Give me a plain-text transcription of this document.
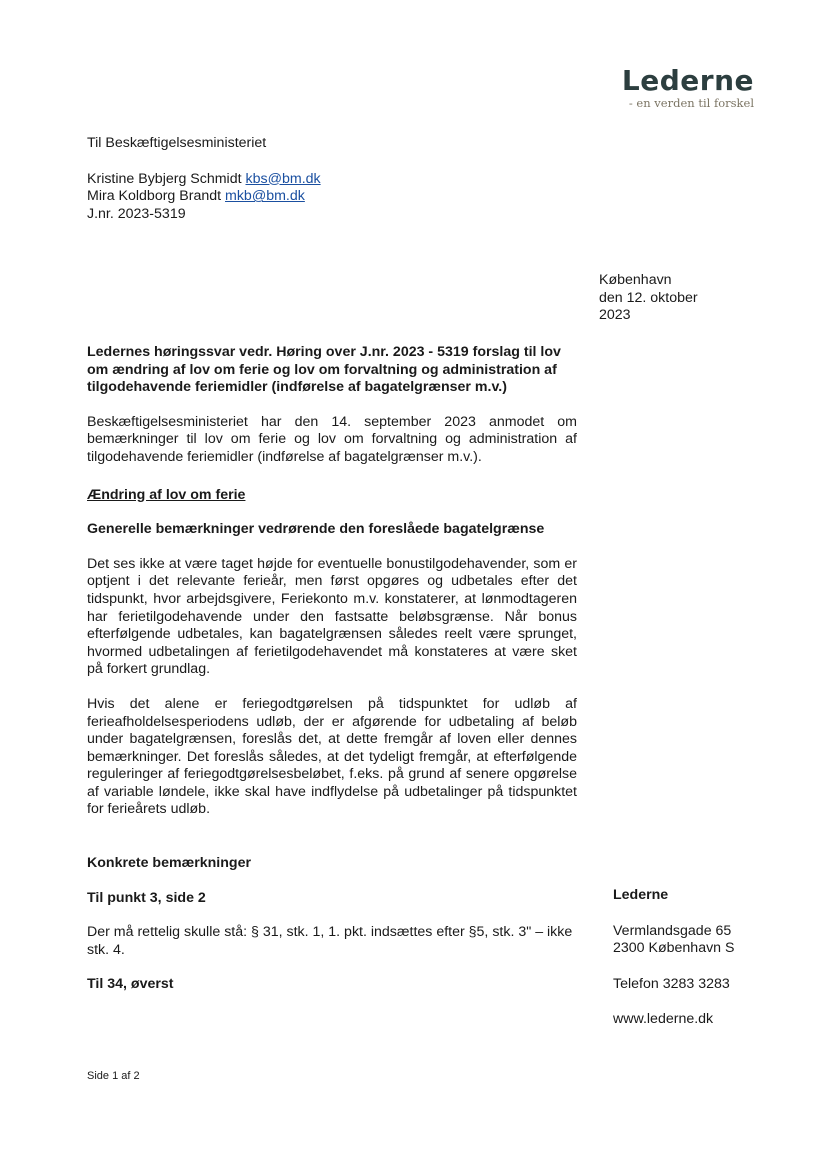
Lederne
- en verden til forskel

Til Beskæftigelsesministeriet

Kristine Bybjerg Schmidt kbs@bm.dk

Mira Koldborg Brandt mkb@bm.dk

J.nr. 2023-5319

København

den 12. oktober

2023

Ledernes høringssvar vedr. Høring over J.nr. 2023 - 5319 forslag til lov om ændring af lov om ferie og lov om forvaltning og administration af tilgodehavende feriemidler (indførelse af bagatelgrænser m.v.)

Beskæftigelsesministeriet har den 14. september 2023 anmodet om bemærkninger til lov om ferie og lov om forvaltning og administration af tilgodehavende feriemidler (indførelse af bagatelgrænser m.v.).

Ændring af lov om ferie

Generelle bemærkninger vedrørende den foreslåede bagatelgrænse

Det ses ikke at være taget højde for eventuelle bonustilgodehavender, som er optjent i det relevante ferieår, men først opgøres og udbetales efter det tidspunkt, hvor arbejdsgivere, Feriekonto m.v. konstaterer, at lønmodtageren har ferietilgodehavende under den fastsatte beløbsgrænse. Når bonus efterfølgende udbetales, kan bagatelgrænsen således reelt være sprunget, hvormed udbetalingen af ferietilgodehavendet må konstateres at være sket på forkert grundlag.

Hvis det alene er feriegodtgørelsen på tidspunktet for udløb af ferieafholdelsesperiodens udløb, der er afgørende for udbetaling af beløb under bagatelgrænsen, foreslås det, at dette fremgår af loven eller dennes bemærkninger. Det foreslås således, at det tydeligt fremgår, at efterfølgende reguleringer af feriegodtgørelsesbeløbet, f.eks. på grund af senere opgørelse af variable løndele, ikke skal have indflydelse på udbetalinger på tidspunktet for ferieårets udløb.

Konkrete bemærkninger

Til punkt 3, side 2

Der må rettelig skulle stå: § 31, stk. 1, 1. pkt. indsættes efter §5, stk. 3" – ikke stk. 4.

Til 34, øverst

Lederne

Vermlandsgade 65

2300 København S

Telefon 3283 3283

www.lederne.dk

Side 1 af 2
